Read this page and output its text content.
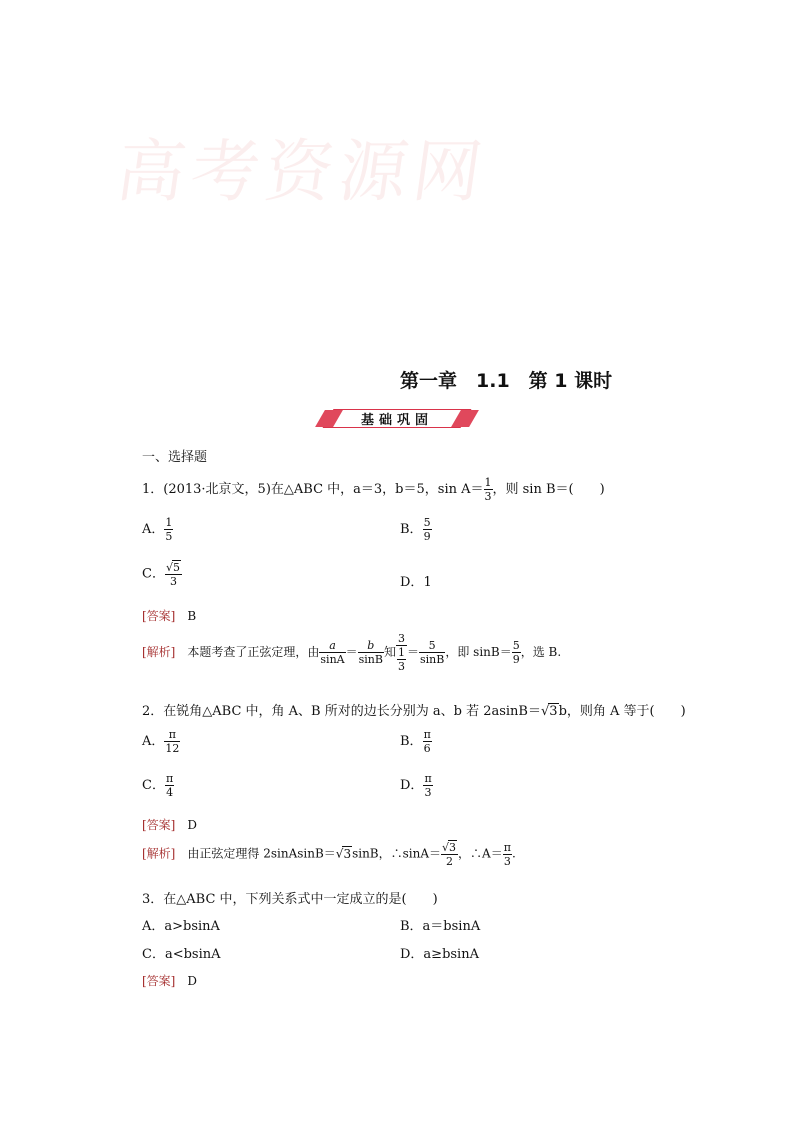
高考资源网
第一章　1.1　第 1 课时
基础巩固
一、选择题
1．(2013·北京文，5)在△ABC 中，a＝3，b＝5，$\sin A= \frac{1}{3}$ ，则 sin B＝(　　)
A． $\frac{1}{5}$	B． $\frac{5}{9}$
C． $\frac{√5}{3}$	D．1
[答案]　 B
[解析]　 本题考查了正弦定理，由 $\frac{a}{\sin A} = \frac{b}{\sin B}$ 知 $\frac{3}{\frac{1}{3}} = \frac{5}{\sin B}$ ，即 $\sin B= \frac{5}{9}$ ，选 B.
2．在锐角△ABC 中，角 A、B 所对的边长分别为 a、b 若 2asinB＝√3b，则角 A 等于(　　)
A． $\frac{\pi}{12}$	B． $\frac{\pi}{6}$
C． $\frac{\pi}{4}$	D． $\frac{\pi}{3}$
[答案]　 D
[解析]　 由正弦定理得 2sinAsinB＝√3sinB，∴sinA＝ $\frac{√3}{2}$ ，∴A＝ $\frac{\pi}{3}$ .
3．在△ABC 中，下列关系式中一定成立的是(　　)
A．a>bsinA	B．a＝bsinA
C．a<bsinA	D．a≥bsinA
[答案]　 D
